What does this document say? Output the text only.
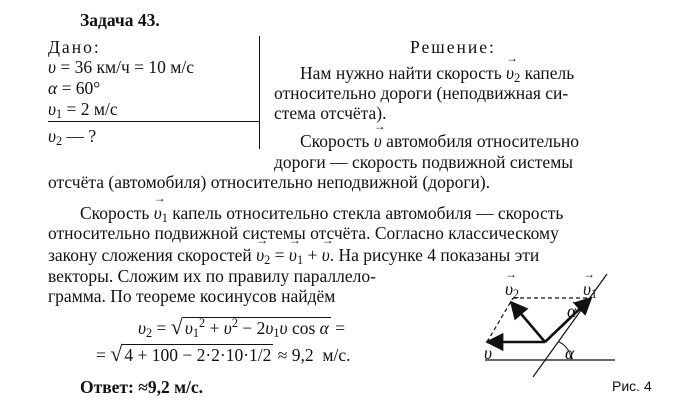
Задача 43.
Дано:
υ = 36 км/ч = 10 м/с
α = 60°
$\upsilon_1 = 2$ м/с
$\upsilon_2$ — ?
Решение:
Нам нужно найти скорость → $\upsilon_2$ капель
относительно дороги (неподвижная си-
стема отсчёта).
Скорость → υ автомобиля относительно
дороги — скорость подвижной системы
отсчёта (автомобиля) относительно неподвижной (дороги).
Скорость → $\upsilon_1$ капель относительно стекла автомобиля — скорость
относительно подвижной системы отсчёта. Согласно классическому
закону сложения скоростей → $\upsilon_2$ = → $\upsilon_1$ + → υ. На рисунке 4 показаны эти
векторы. Сложим их по правилу параллело-
грамма. По теореме косинусов найдём
$\upsilon_2$ = √ $\upsilon_1^2 + \upsilon^2 - 2\upsilon_1\upsilon$ cos α =
= √ 4 + 100 − 2·2·10·1/2 ≈ 9,2  м/с.
Ответ: ≈9,2 м/с.
→ $\upsilon_2$
→	$\upsilon_1$
→ υ
α
α
Рис. 4
